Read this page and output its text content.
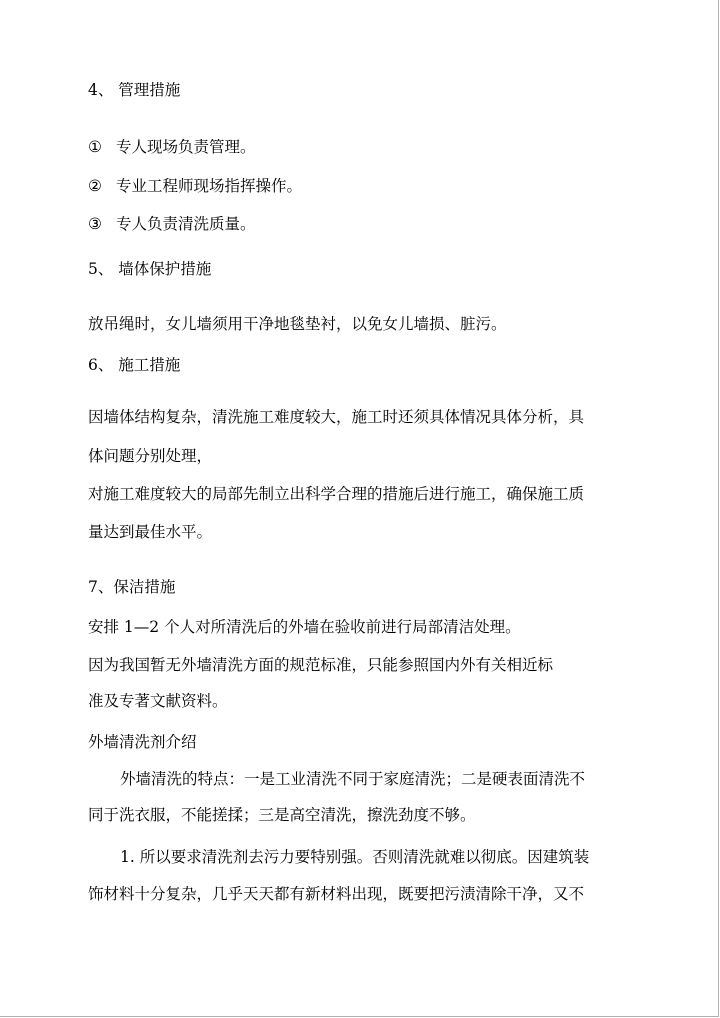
4、 管理措施
① 专人现场负责管理。
② 专业工程师现场指挥操作。
③ 专人负责清洗质量。
5、 墙体保护措施
放吊绳时，女儿墙须用干净地毯垫衬，以免女儿墙损、脏污。
6、 施工措施
因墙体结构复杂，清洗施工难度较大，施工时还须具体情况具体分析，具
体问题分别处理，
对施工难度较大的局部先制立出科学合理的措施后进行施工，确保施工质
量达到最佳水平。
7、保洁措施
安排 1—2 个人对所清洗后的外墙在验收前进行局部清洁处理。
因为我国暂无外墙清洗方面的规范标准，只能参照国内外有关相近标
准及专著文献资料。
外墙清洗剂介绍
外墙清洗的特点：一是工业清洗不同于家庭清洗；二是硬表面清洗不
同于洗衣服，不能搓揉；三是高空清洗，擦洗劲度不够。
1. 所以要求清洗剂去污力要特别强。否则清洗就难以彻底。因建筑装
饰材料十分复杂，几乎天天都有新材料出现，既要把污渍清除干净，又不
